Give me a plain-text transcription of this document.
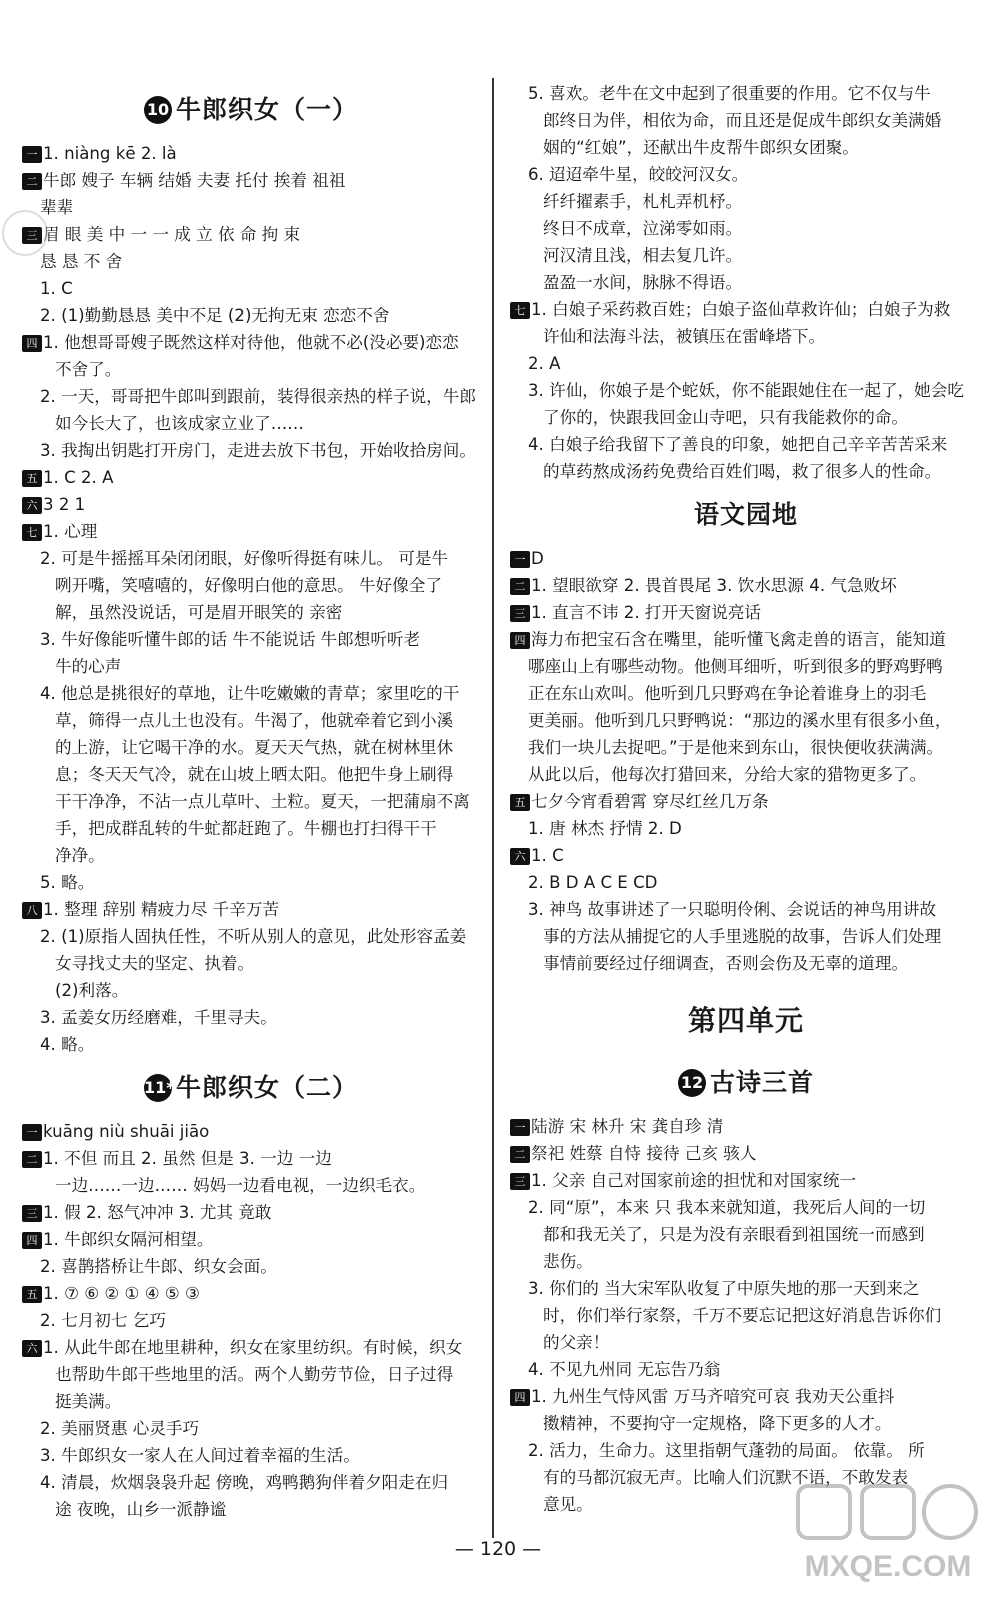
10 牛郎织女（一）
一 1. niàng kē 2. là
二 牛郎 嫂子 车辆 结婚 夫妻 托付 挨着 祖祖
辈辈
三 眉 眼 美 中 一 一 成 立 依 命 拘 束
恳 恳 不 舍
1. C
2. (1)勤勤恳恳 美中不足 (2)无拘无束 恋恋不舍
四 1. 他想哥哥嫂子既然这样对待他，他就不必(没必要)恋恋
不舍了。
2. 一天，哥哥把牛郎叫到跟前，装得很亲热的样子说，牛郎
如今长大了，也该成家立业了……
3. 我掏出钥匙打开房门，走进去放下书包，开始收拾房间。
五 1. C 2. A
六 3 2 1
七 1. 心理
2. 可是牛摇摇耳朵闭闭眼，好像听得挺有味儿。 可是牛
咧开嘴，笑嘻嘻的，好像明白他的意思。 牛好像全了
解，虽然没说话，可是眉开眼笑的 亲密
3. 牛好像能听懂牛郎的话 牛不能说话 牛郎想听听老
牛的心声
4. 他总是挑很好的草地，让牛吃嫩嫩的青草；家里吃的干
草，筛得一点儿土也没有。牛渴了，他就牵着它到小溪
的上游，让它喝干净的水。夏天天气热，就在树林里休
息；冬天天气冷，就在山坡上晒太阳。他把牛身上刷得
干干净净，不沾一点儿草叶、土粒。夏天，一把蒲扇不离
手，把成群乱转的牛虻都赶跑了。牛棚也打扫得干干
净净。
5. 略。
八 1. 整理 辞别 精疲力尽 千辛万苦
2. (1)原指人固执任性，不听从别人的意见，此处形容孟姜
女寻找丈夫的坚定、执着。
(2)利落。
3. 孟姜女历经磨难，千里寻夫。
4. 略。
11*牛郎织女（二）
一 kuāng niù shuāi jiāo
二 1. 不但 而且 2. 虽然 但是 3. 一边 一边
一边……一边…… 妈妈一边看电视，一边织毛衣。
三 1. 假 2. 怒气冲冲 3. 尤其 竟敢
四 1. 牛郎织女隔河相望。
2. 喜鹊搭桥让牛郎、织女会面。
五 1. ⑦ ⑥ ② ① ④ ⑤ ③
2. 七月初七 乞巧
六 1. 从此牛郎在地里耕种，织女在家里纺织。有时候，织女
也帮助牛郎干些地里的活。两个人勤劳节俭，日子过得
挺美满。
2. 美丽贤惠 心灵手巧
3. 牛郎织女一家人在人间过着幸福的生活。
4. 清晨，炊烟袅袅升起 傍晚，鸡鸭鹅狗伴着夕阳走在归
途 夜晚，山乡一派静谧
5. 喜欢。老牛在文中起到了很重要的作用。它不仅与牛
郎终日为伴，相依为命，而且还是促成牛郎织女美满婚
姻的“红娘”，还献出牛皮帮牛郎织女团聚。
6. 迢迢牵牛星，皎皎河汉女。
纤纤擢素手，札札弄机杼。
终日不成章，泣涕零如雨。
河汉清且浅，相去复几许。
盈盈一水间，脉脉不得语。
七 1. 白娘子采药救百姓；白娘子盗仙草救许仙；白娘子为救
许仙和法海斗法，被镇压在雷峰塔下。
2. A
3. 许仙，你娘子是个蛇妖，你不能跟她住在一起了，她会吃
了你的，快跟我回金山寺吧，只有我能救你的命。
4. 白娘子给我留下了善良的印象，她把自己辛辛苦苦采来
的草药熬成汤药免费给百姓们喝，救了很多人的性命。
语文园地
一 D
二 1. 望眼欲穿 2. 畏首畏尾 3. 饮水思源 4. 气急败坏
三 1. 直言不讳 2. 打开天窗说亮话
四 海力布把宝石含在嘴里，能听懂飞禽走兽的语言，能知道
哪座山上有哪些动物。他侧耳细听，听到很多的野鸡野鸭
正在东山欢叫。他听到几只野鸡在争论着谁身上的羽毛
更美丽。他听到几只野鸭说：“那边的溪水里有很多小鱼，
我们一块儿去捉吧。”于是他来到东山，很快便收获满满。
从此以后，他每次打猎回来，分给大家的猎物更多了。
五 七夕今宵看碧霄 穿尽红丝几万条
1. 唐 林杰 抒情 2. D
六 1. C
2. B D A C E CD
3. 神鸟 故事讲述了一只聪明伶俐、会说话的神鸟用讲故
事的方法从捕捉它的人手里逃脱的故事，告诉人们处理
事情前要经过仔细调查，否则会伤及无辜的道理。
第四单元
12 古诗三首
一 陆游 宋 林升 宋 龚自珍 清
二 祭祀 姓蔡 自恃 接待 己亥 骇人
三 1. 父亲 自己对国家前途的担忧和对国家统一
2. 同“原”，本来 只 我本来就知道，我死后人间的一切
都和我无关了，只是为没有亲眼看到祖国统一而感到
悲伤。
3. 你们的 当大宋军队收复了中原失地的那一天到来之
时，你们举行家祭，千万不要忘记把这好消息告诉你们
的父亲！
4. 不见九州同 无忘告乃翁
四 1. 九州生气恃风雷 万马齐喑究可哀 我劝天公重抖
擞精神，不要拘守一定规格，降下更多的人才。
2. 活力，生命力。这里指朝气蓬勃的局面。 依靠。 所
有的马都沉寂无声。比喻人们沉默不语，不敢发表
意见。
MXQE.COM
— 120 —
